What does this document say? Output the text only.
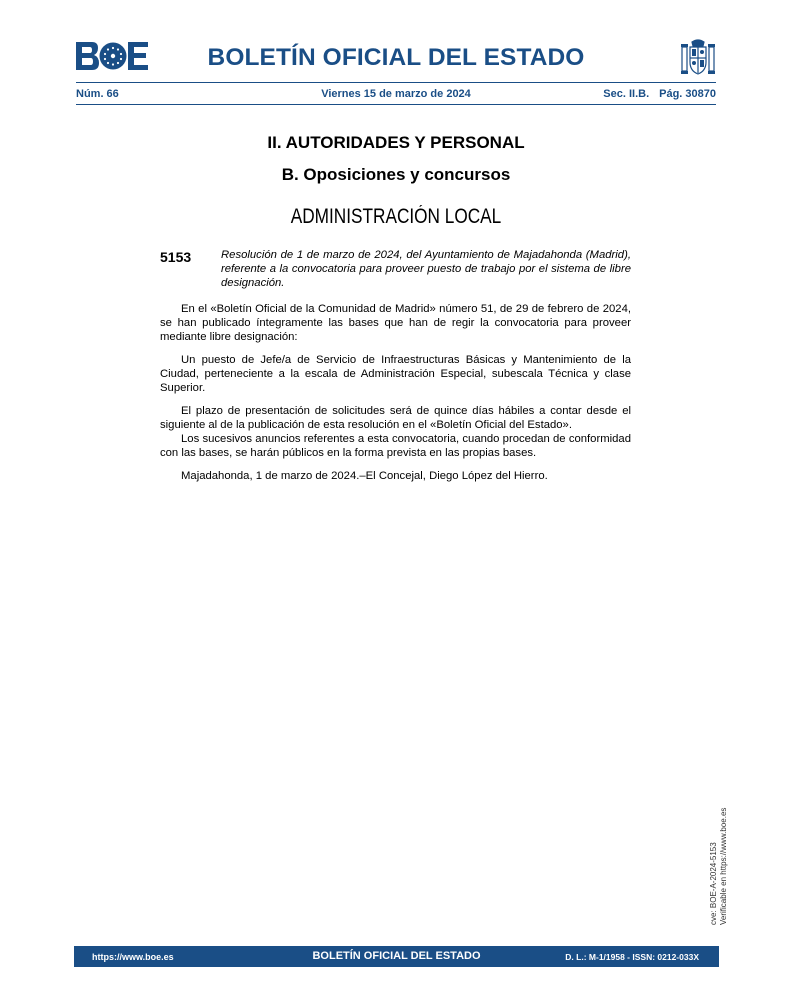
BOLETÍN OFICIAL DEL ESTADO
Núm. 66	Viernes 15 de marzo de 2024	Sec. II.B. Pág. 30870
II. AUTORIDADES Y PERSONAL
B. Oposiciones y concursos
ADMINISTRACIÓN LOCAL
5153	Resolución de 1 de marzo de 2024, del Ayuntamiento de Majadahonda (Madrid), referente a la convocatoria para proveer puesto de trabajo por el sistema de libre designación.

En el «Boletín Oficial de la Comunidad de Madrid» número 51, de 29 de febrero de 2024, se han publicado íntegramente las bases que han de regir la convocatoria para proveer mediante libre designación:

Un puesto de Jefe/a de Servicio de Infraestructuras Básicas y Mantenimiento de la Ciudad, perteneciente a la escala de Administración Especial, subescala Técnica y clase Superior.

El plazo de presentación de solicitudes será de quince días hábiles a contar desde el siguiente al de la publicación de esta resolución en el «Boletín Oficial del Estado».

Los sucesivos anuncios referentes a esta convocatoria, cuando procedan de conformidad con las bases, se harán públicos en la forma prevista en las propias bases.

Majadahonda, 1 de marzo de 2024.–El Concejal, Diego López del Hierro.

cve: BOE-A-2024-5153 Verificable en https://www.boe.es
https://www.boe.es	BOLETÍN OFICIAL DEL ESTADO	D. L.: M-1/1958 - ISSN: 0212-033X
